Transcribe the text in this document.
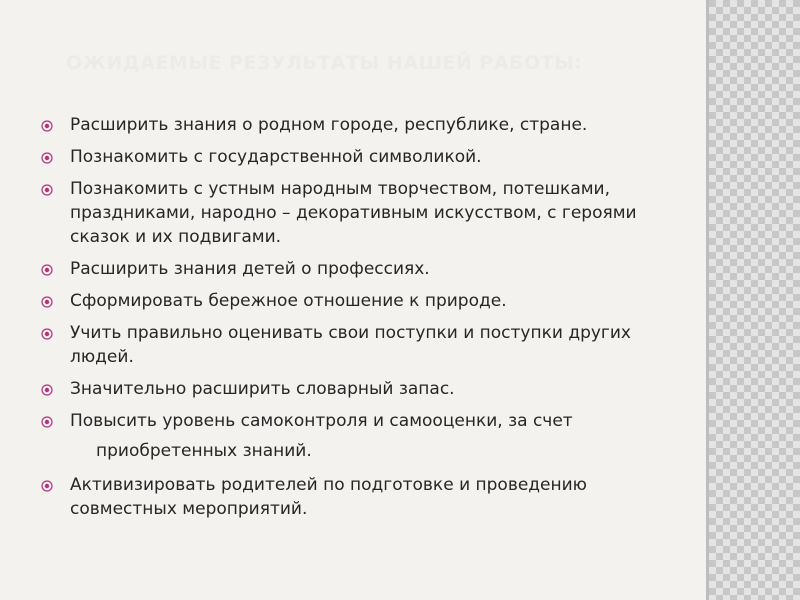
ОЖИДАЕМЫЕ РЕЗУЛЬТАТЫ НАШЕЙ РАБОТЫ:
Расширить знания о родном городе, республике, стране.
Познакомить с государственной символикой.
Познакомить с устным народным творчеством, потешками, праздниками, народно – декоративным искусством, с героями сказок и их подвигами.
Расширить знания детей о профессиях.
Сформировать бережное отношение к природе.
Учить правильно оценивать свои поступки и поступки других людей.
Значительно расширить словарный запас.
Повысить уровень самоконтроля и самооценки, за счет
приобретенных знаний.
Активизировать родителей по подготовке и проведению совместных мероприятий.
